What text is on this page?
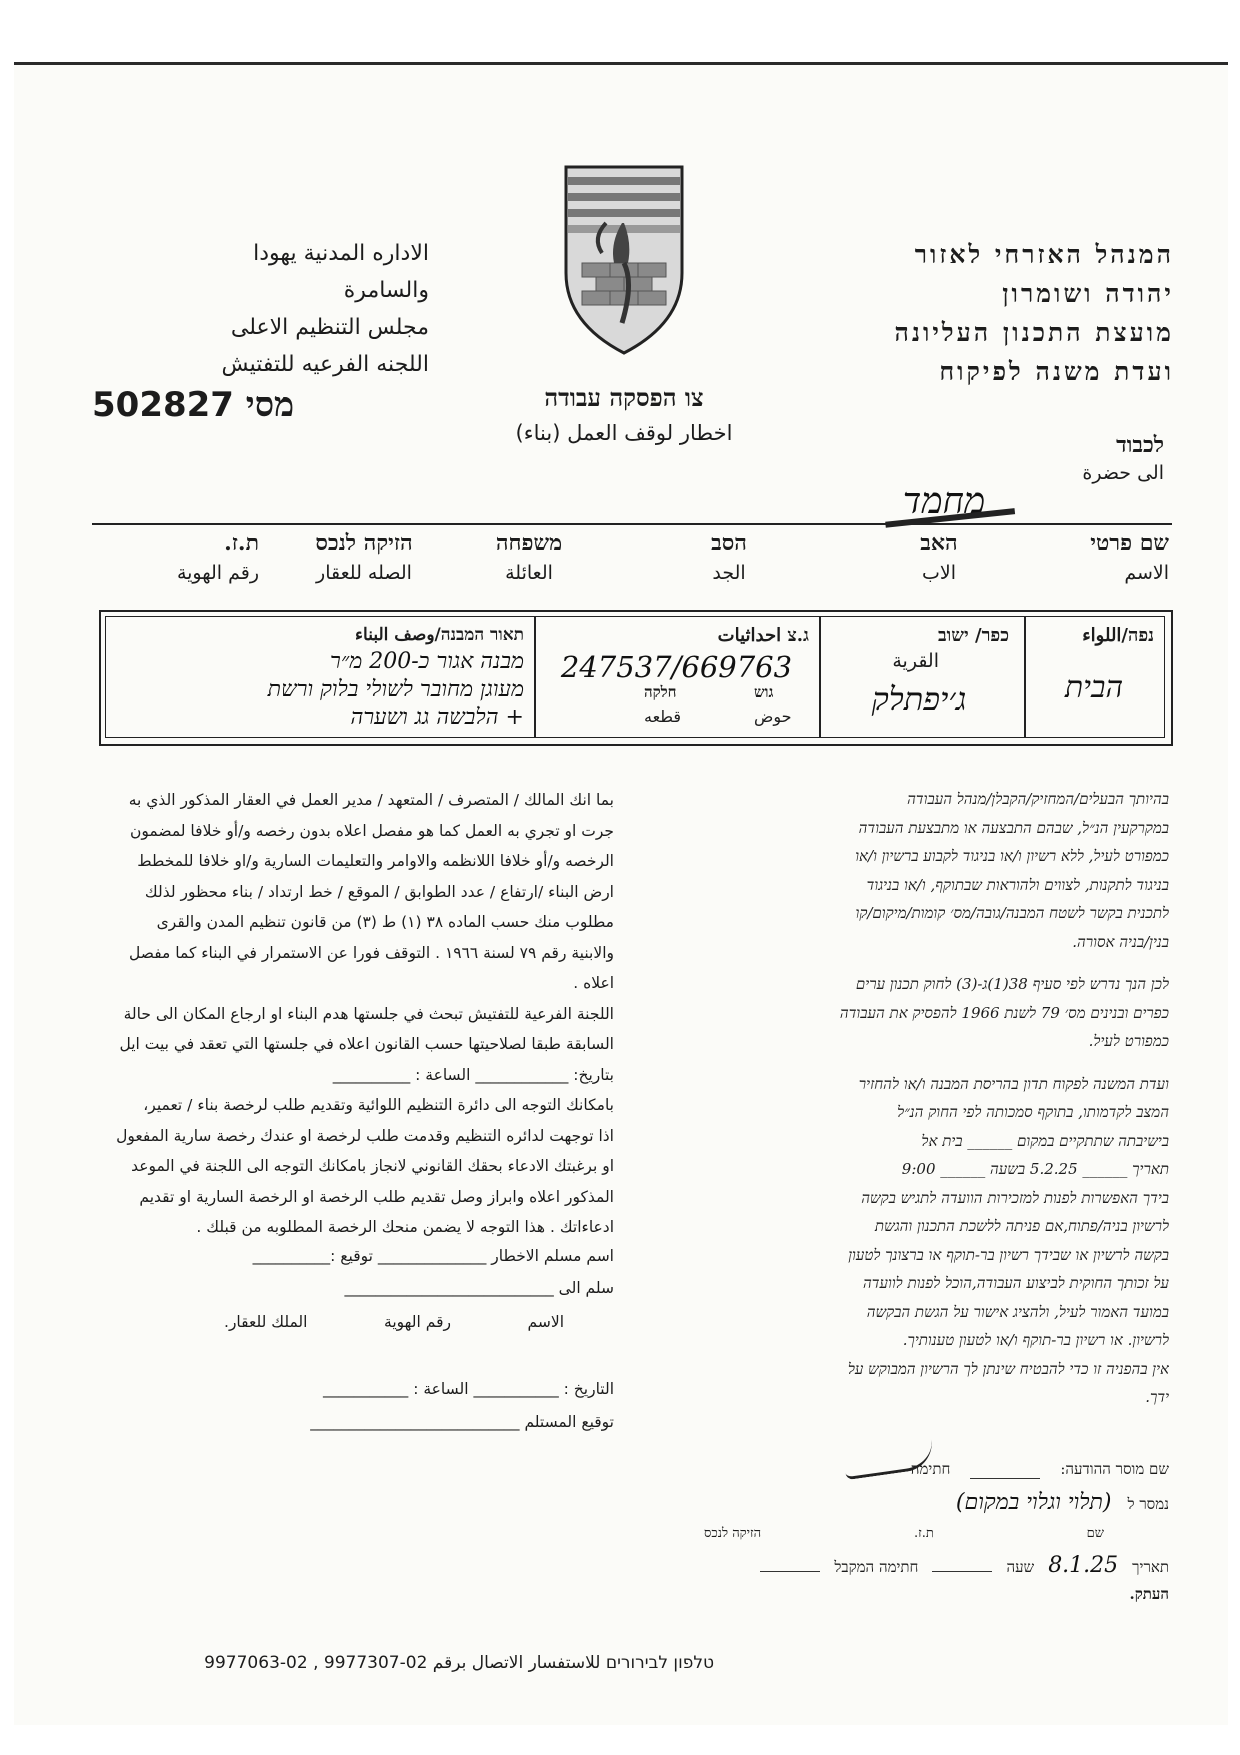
המנהל האזרחי לאזור
יהודה ושומרון
מועצת התכנון העליונה
ועדת משנה לפיקוח
الاداره المدنية يهودا
والسامرة
مجلس التنظيم الاعلى
اللجنه الفرعيه للتفتيش
צו הפסקה עבודה
اخطار لوقف العمل (بناء)
502827 מסי
לכבוד
الى حضرة
מחמד
שם פרטי
الاسم
האב
الاب
הסב
الجد
משפחה
العائلة
הזיקה לנכס
الصله للعقار
ת.ז.
رقم الهوية
נפה/اللواء
הבית
כפר/ ישוב
القرية
ג׳יפתלק
ג.צ احداثيات
247537/669763
גוש
حوض
חלקה
قطعه
תאור המבנה/وصف البناء
מבנה אגור כ-200 מ״ר
מעוגן מחובר לשולי בלוק ורשת
+ הלבשה גג ושערה
بما انك المالك / المتصرف / المتعهد / مدير العمل في العقار المذكور الذي به
جرت او تجري به العمل كما هو مفصل اعلاه بدون رخصه و/أو خلافا لمضمون
الرخصه و/أو خلافا اللانظمه والاوامر والتعليمات السارية و/او خلافا للمخطط
ارض البناء /ارتفاع / عدد الطوابق / الموقع / خط ارتداد / بناء محظور لذلك
مطلوب منك حسب الماده ٣٨ (١) ط (٣) من قانون تنظيم المدن والقرى
والابنية رقم ٧٩ لسنة ١٩٦٦ . التوقف فورا عن الاستمرار في البناء كما مفصل
اعلاه .
اللجنة الفرعية للتفتيش تبحث في جلستها هدم البناء او ارجاع المكان الى حالة
السابقة طبقا لصلاحيتها حسب القانون اعلاه في جلستها التي تعقد في بيت ايل
بتاريخ: ____________ الساعة : __________
بامكانك التوجه الى دائرة التنظيم اللوائية وتقديم طلب لرخصة بناء / تعمير،
اذا توجهت لدائره التنظيم وقدمت طلب لرخصة او عندك رخصة سارية المفعول
او برغبتك الادعاء بحقك القانوني لانجاز بامكانك التوجه الى اللجنة في الموعد
المذكور اعلاه وابراز وصل تقديم طلب الرخصة او الرخصة السارية او تقديم
ادعاءاتك . هذا التوجه لا يضمن منحك الرخصة المطلوبه من قبلك .
اسم مسلم الاخطار ______________ توقيع :__________
سلم الى ___________________________
الاسم
رقم الهوية
الملك للعقار.
التاريخ : ___________ الساعة : ___________
توقيع المستلم ___________________________
בהיותך הבעלים/המחזיק/הקבלן/מנהל העבודה
במקרקעין הנ״ל, שבהם התבצעה או מתבצעת העבודה
כמפורט לעיל, ללא רשיון ו/או בניגוד לקבוע ברשיון ו/או
בניגוד לתקנות, לצווים ולהוראות שבתוקף, ו/או בניגוד
לתכנית בקשר לשטח המבנה/גובה/מס׳ קומות/מיקום/קו
בנין/בניה אסורה.
לכן הנך נדרש לפי סעיף 38(1)ג-(3) לחוק תכנון ערים
כפרים ובנינים מס׳ 79 לשנת 1966 להפסיק את העבודה
כמפורט לעיל.
ועדת המשנה לפקוח תדון בהריסת המבנה ו/או להחזיר
המצב לקדמותו, בתוקף סמכותה לפי החוק הנ״ל
בישיבתה שתתקיים במקום ______ בית אל
תאריך ______ 5.2.25 בשעה ______ 9:00
בידך האפשרות לפנות למזכירות הוועדה לתגיש בקשה
לרשיון בניה/פתוח,אם פניתה ללשכת התכנון והגשת
בקשה לרשיון או שבידך רשיון בר-תוקף או ברצונך לטעון
על זכותך החוקית לביצוע העבודה,הוכל לפנות לוועדה
במועד האמור לעיל, ולהציג אישור על הגשת הבקשה
לרשיון. או רשיון בר-תוקף ו/או לטעון טענותיך.
אין בהפניה זו כדי להבטיח שינתן לך הרשיון המבוקש על
ידך.
שם מוסר ההודעה:
חתימה
נמסר ל
(תלוי וגלוי במקום)
שם
ת.ז.
הזיקה לנכס
תאריך
8.1.25
שעה
חתימה המקבל
העתק.
טלפון לבירורים للاستفسار الاتصال برقم 02-9977307 , 02-9977063
